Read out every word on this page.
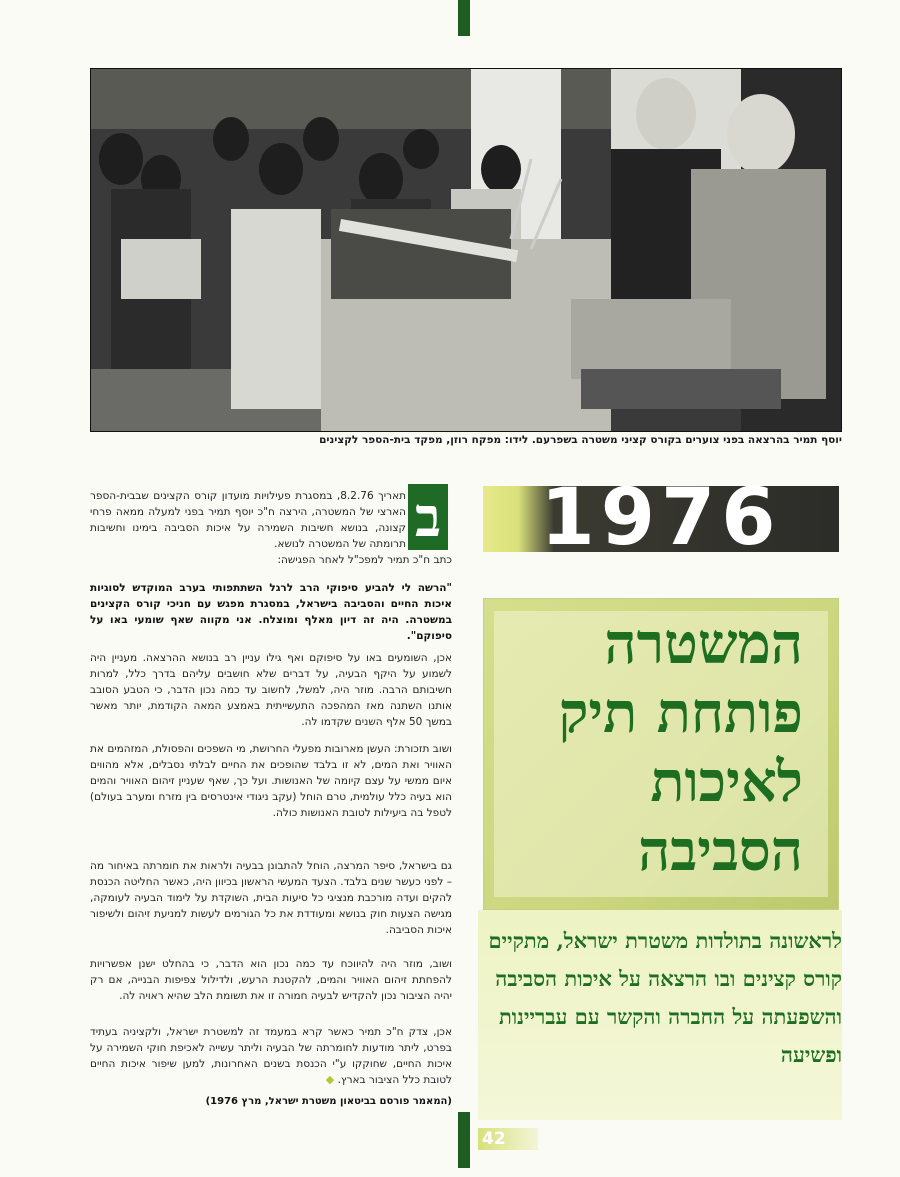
יוסף תמיר בהרצאה בפני צוערים בקורס קציני משטרה בשפרעם. לידו: מפקח רוזן, מפקד בית-הספר לקצינים
1976
המשטרה פותחת תיק לאיכות הסביבה
לראשונה בתולדות משטרת ישראל, מתקיים קורס קצינים ובו הרצאה על איכות הסביבה והשפעתה על החברה והקשר עם עבריינות ופשיעה
ב
תאריך 8.2.76, במסגרת פעילויות מועדון קורס הקצינים שבבית-הספר הארצי של המשטרה, הירצה ח"כ יוסף תמיר בפני למעלה ממאה פרחי קצונה, בנושא חשיבות השמירה על איכות הסביבה בימינו וחשיבות תרומתה של המשטרה לנושא.
כתב ח"כ תמיר למפכ"ל לאחר הפגישה:
"הרשה לי להביע סיפוקי הרב לרגל השתתפותי בערב המוקדש לסוגיות איכות החיים והסביבה בישראל, במסגרת מפגש עם חניכי קורס הקצינים במשטרה. היה זה דיון מאלף ומוצלח. אני מקווה שאף שומעי באו על סיפוקם".
אכן, השומעים באו על סיפוקם ואף גילו עניין רב בנושא ההרצאה. מעניין היה לשמוע על היקף הבעיה, על דברים שלא חושבים עליהם בדרך כלל, למרות חשיבותם הרבה. מוזר היה, למשל, לחשוב עד כמה נכון הדבר, כי הטבע הסובב אותנו השתנה מאז המהפכה התעשייתית באמצע המאה הקודמת, יותר מאשר במשך 50 אלף השנים שקדמו לה.
ושוב תזכורת: העשן מארובות מפעלי החרושת, מי השפכים והפסולת, המזהמים את האוויר ואת המים, לא זו בלבד שהופכים את החיים לבלתי נסבלים, אלא מהווים איום ממשי על עצם קיומה של האנושות. ועל כך, שאף שעניין זיהום האוויר והמים הוא בעיה כלל עולמית, טרם הוחל (עקב ניגודי אינטרסים בין מזרח ומערב בעולם) לטפל בה ביעילות לטובת האנושות כולה.
גם בישראל, סיפר המרצה, הוחל להתבונן בבעיה ולראות את חומרתה באיחור מה – לפני כעשר שנים בלבד. הצעד המעשי הראשון בכיוון היה, כאשר החליטה הכנסת להקים ועדה מורכבת מנציגי כל סיעות הבית, השוקדת על לימוד הבעיה לעומקה, מגישה הצעות חוק בנושא ומעודדת את כל הגורמים לעשות למניעת זיהום ולשיפור איכות הסביבה.
ושוב, מוזר היה להיווכח עד כמה נכון הוא הדבר, כי בהחלט ישנן אפשרויות להפחתת זיהום האוויר והמים, להקטנת הרעש, ולדילול צפיפות הבנייה, אם רק יהיה הציבור נכון להקדיש לבעיה חמורה זו את תשומת הלב שהיא ראויה לה.
אכן, צדק ח"כ תמיר כאשר קרא במעמד זה למשטרת ישראל, ולקציניה בעתיד בפרט, ליתר מודעות לחומרתה של הבעיה וליתר עשייה לאכיפת חוקי השמירה על איכות החיים, שחוקקו ע"י הכנסת בשנים האחרונות, למען שיפור איכות החיים לטובת כלל הציבור בארץ. ◆
(המאמר פורסם בביטאון משטרת ישראל, מרץ 1976)
42
